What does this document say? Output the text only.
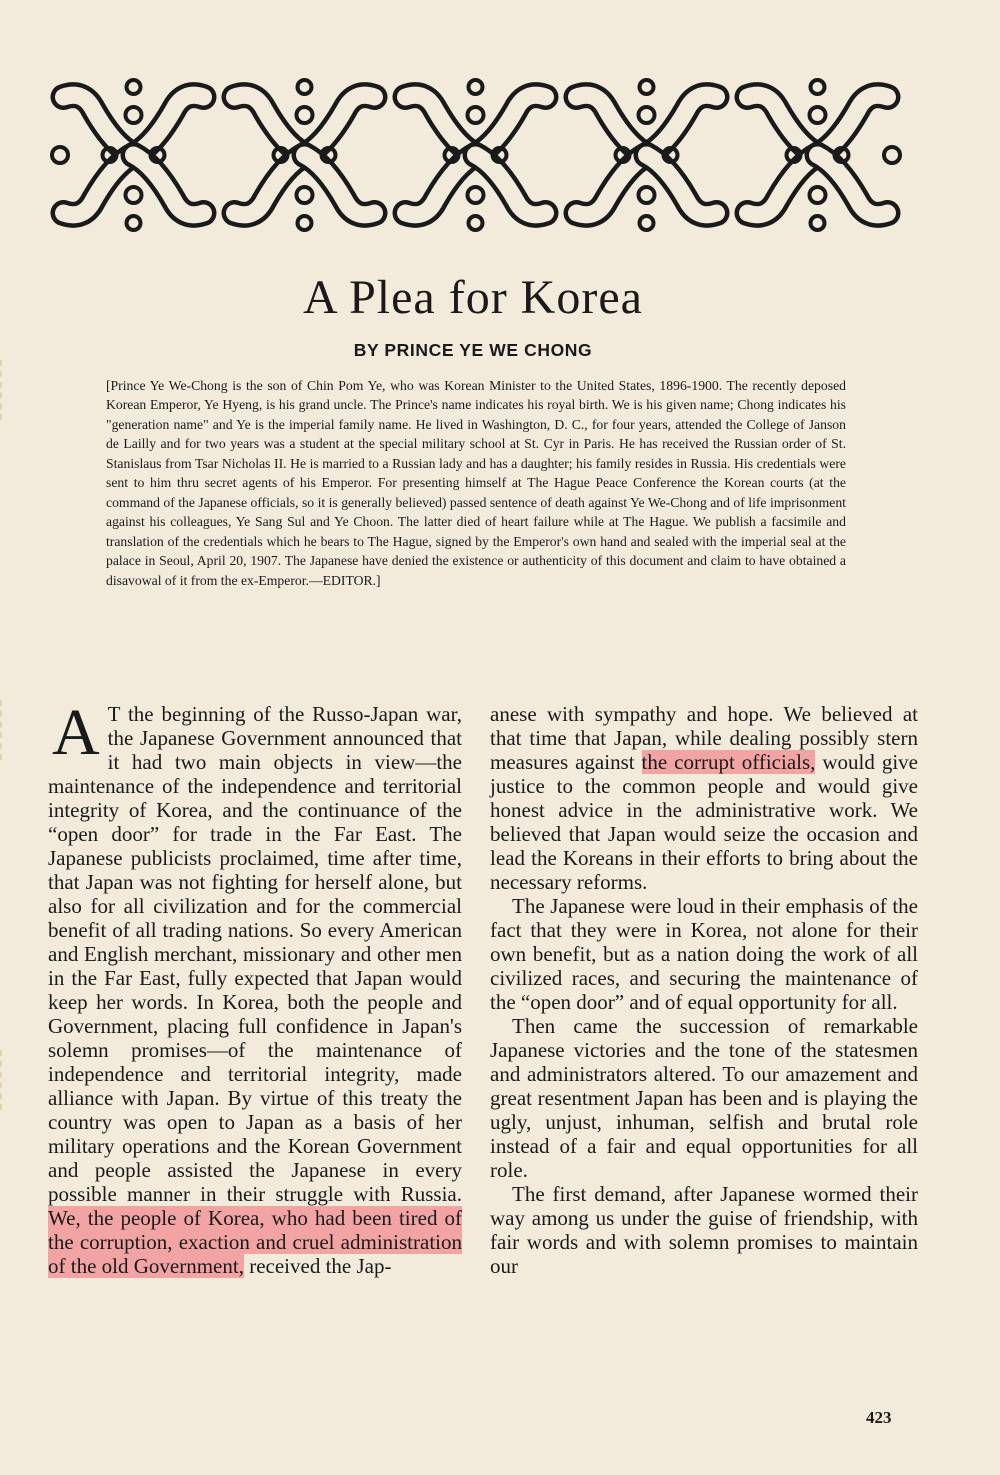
A Plea for Korea
BY PRINCE YE WE CHONG

[Prince Ye We-Chong is the son of Chin Pom Ye, who was Korean Minister to the United States, 1896-1900. The recently deposed Korean Emperor, Ye Hyeng, is his grand uncle. The Prince's name indicates his royal birth. We is his given name; Chong indicates his "generation name" and Ye is the imperial family name. He lived in Washington, D. C., for four years, attended the College of Janson de Lailly and for two years was a student at the special military school at St. Cyr in Paris. He has received the Russian order of St. Stanislaus from Tsar Nicholas II. He is married to a Russian lady and has a daughter; his family resides in Russia. His credentials were sent to him thru secret agents of his Emperor. For presenting himself at The Hague Peace Conference the Korean courts (at the command of the Japanese officials, so it is generally believed) passed sentence of death against Ye We-Chong and of life imprisonment against his colleagues, Ye Sang Sul and Ye Choon. The latter died of heart failure while at The Hague. We publish a facsimile and translation of the credentials which he bears to The Hague, signed by the Emperor's own hand and sealed with the imperial seal at the palace in Seoul, April 20, 1907. The Japanese have denied the existence or authenticity of this document and claim to have obtained a disavowal of it from the ex-Emperor.—EDITOR.]

A T the beginning of the Russo-Japan war, the Japanese Government announced that it had two main objects in view—the maintenance of the independence and territorial integrity of Korea, and the continuance of the “open door” for trade in the Far East. The Japanese publicists proclaimed, time after time, that Japan was not fighting for herself alone, but also for all civilization and for the commercial benefit of all trading nations. So every American and English merchant, missionary and other men in the Far East, fully expected that Japan would keep her words. In Korea, both the people and Government, placing full confidence in Japan's solemn promises—of the maintenance of independence and territorial integrity, made alliance with Japan. By virtue of this treaty the country was open to Japan as a basis of her military operations and the Korean Government and people assisted the Japanese in every possible manner in their struggle with Russia. We, the people of Korea, who had been tired of the corruption, exaction and cruel administration of the old Government, received the Jap-

anese with sympathy and hope. We believed at that time that Japan, while dealing possibly stern measures against the corrupt officials, would give justice to the common people and would give honest advice in the administrative work. We believed that Japan would seize the occasion and lead the Koreans in their efforts to bring about the necessary reforms.

The Japanese were loud in their emphasis of the fact that they were in Korea, not alone for their own benefit, but as a nation doing the work of all civilized races, and securing the maintenance of the “open door” and of equal opportunity for all.

Then came the succession of remarkable Japanese victories and the tone of the statesmen and administrators altered. To our amazement and great resentment Japan has been and is playing the ugly, unjust, inhuman, selfish and brutal role instead of a fair and equal opportunities for all role.

The first demand, after Japanese wormed their way among us under the guise of friendship, with fair words and with solemn promises to maintain our

423
